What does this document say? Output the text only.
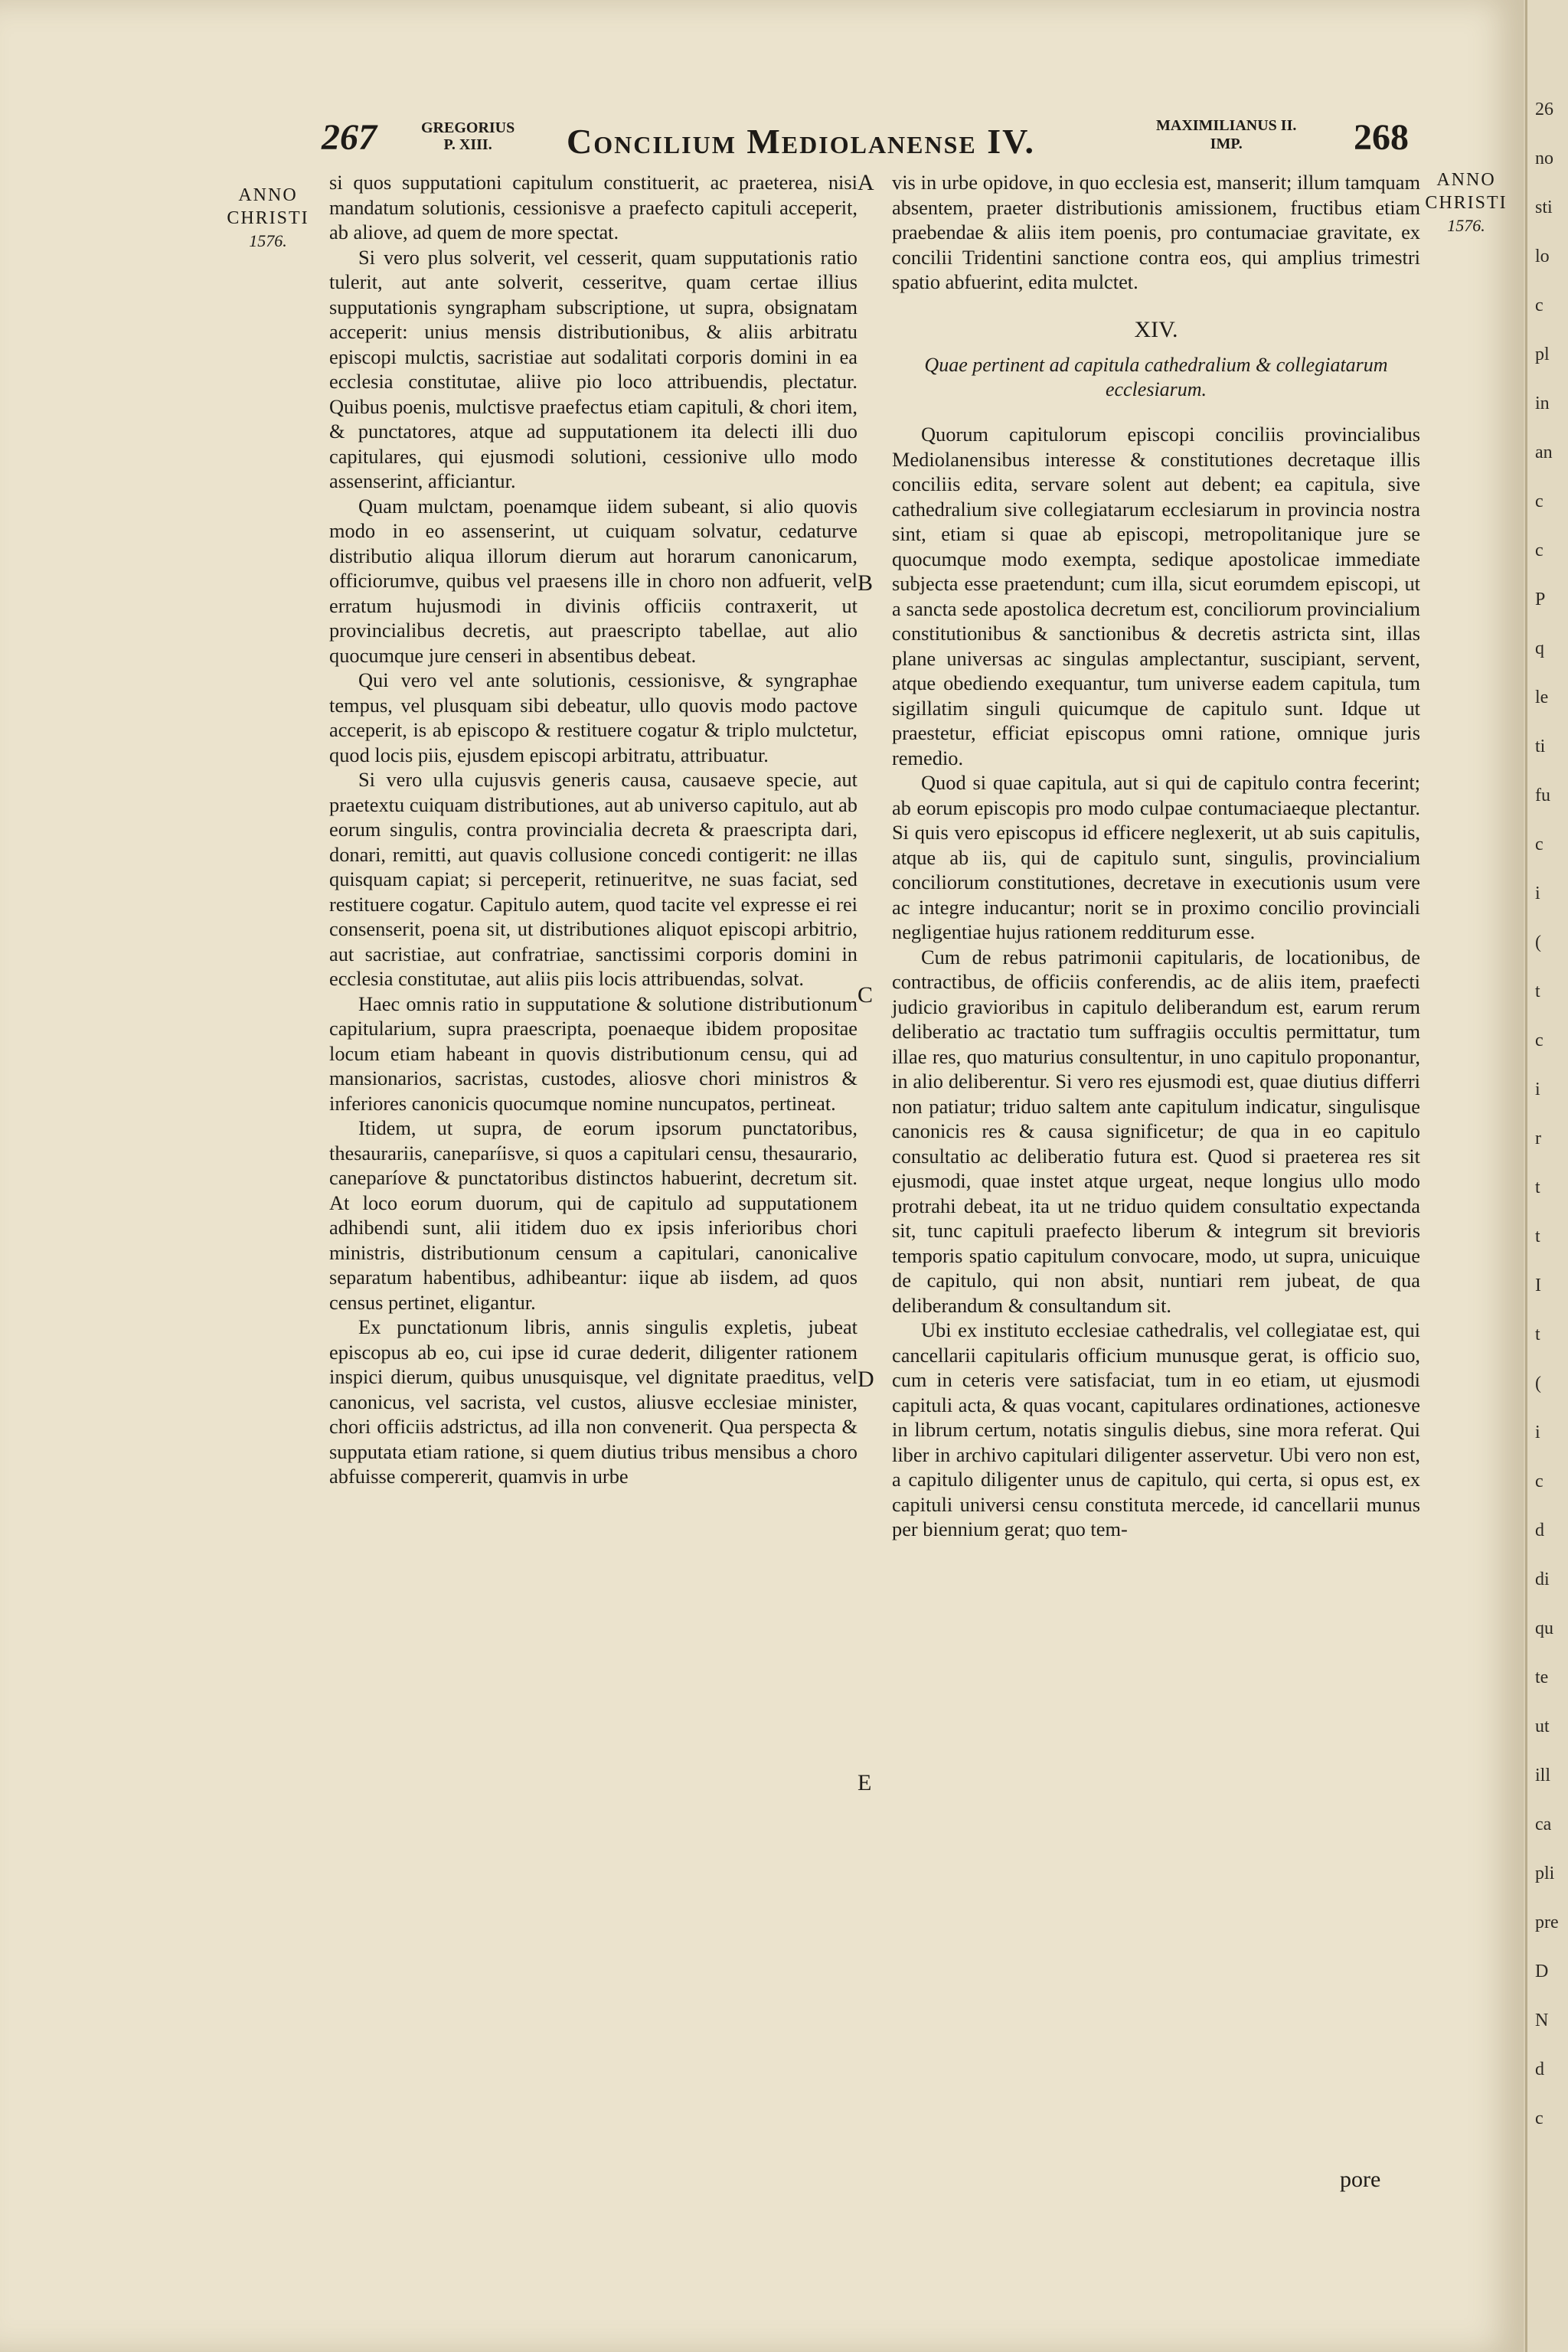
267	GREGORIUS
P. XIII.	Concilium Mediolanense IV.	MAXIMILIANUS II.
IMP.	268
ANNO
CHRISTI
1576.
ANNO
CHRISTI
1576.

si quos supputationi capitulum constituerit, ac praeterea, nisi mandatum solutionis, cessionisve a praefecto capituli acceperit, ab aliove, ad quem de more spectat.

Si vero plus solverit, vel cesserit, quam supputationis ratio tulerit, aut ante solverit, cesseritve, quam certae illius supputationis syngrapham subscriptione, ut supra, obsignatam acceperit: unius mensis distributionibus, & aliis arbitratu episcopi mulctis, sacristiae aut sodalitati corporis domini in ea ecclesia constitutae, aliive pio loco attribuendis, plectatur. Quibus poenis, mulctisve praefectus etiam capituli, & chori item, & punctatores, atque ad supputationem ita delecti illi duo capitulares, qui ejusmodi solutioni, cessionive ullo modo assenserint, afficiantur.

Quam mulctam, poenamque iidem subeant, si alio quovis modo in eo assenserint, ut cuiquam solvatur, cedaturve distributio aliqua illorum dierum aut horarum canonicarum, officiorumve, quibus vel praesens ille in choro non adfuerit, vel erratum hujusmodi in divinis officiis contraxerit, ut provincialibus decretis, aut praescripto tabellae, aut alio quocumque jure censeri in absentibus debeat.

Qui vero vel ante solutionis, cessionisve, & syngraphae tempus, vel plusquam sibi debeatur, ullo quovis modo pactove acceperit, is ab episcopo & restituere cogatur & triplo mulctetur, quod locis piis, ejusdem episcopi arbitratu, attribuatur.

Si vero ulla cujusvis generis causa, causaeve specie, aut praetextu cuiquam distributiones, aut ab universo capitulo, aut ab eorum singulis, contra provincialia decreta & praescripta dari, donari, remitti, aut quavis collusione concedi contigerit: ne illas quisquam capiat; si perceperit, retinueritve, ne suas faciat, sed restituere cogatur. Capitulo autem, quod tacite vel expresse ei rei consenserit, poena sit, ut distributiones aliquot episcopi arbitrio, aut sacristiae, aut confratriae, sanctissimi corporis domini in ecclesia constitutae, aut aliis piis locis attribuendas, solvat.

Haec omnis ratio in supputatione & solutione distributionum capitularium, supra praescripta, poenaeque ibidem propositae locum etiam habeant in quovis distributionum censu, qui ad mansionarios, sacristas, custodes, aliosve chori ministros & inferiores canonicis quocumque nomine nuncupatos, pertineat.

Itidem, ut supra, de eorum ipsorum punctatoribus, thesaurariis, caneparíisve, si quos a capitulari censu, thesaurario, caneparíove & punctatoribus distinctos habuerint, decretum sit. At loco eorum duorum, qui de capitulo ad supputationem adhibendi sunt, alii itidem duo ex ipsis inferioribus chori ministris, distributionum censum a capitulari, canonicalive separatum habentibus, adhibeantur: iique ab iisdem, ad quos census pertinet, eligantur.

Ex punctationum libris, annis singulis expletis, jubeat episcopus ab eo, cui ipse id curae dederit, diligenter rationem inspici dierum, quibus unusquisque, vel dignitate praeditus, vel canonicus, vel sacrista, vel custos, aliusve ecclesiae minister, chori officiis adstrictus, ad illa non convenerit. Qua perspecta & supputata etiam ratione, si quem diutius tribus mensibus a choro abfuisse compererit, quamvis in urbe

A
B
C
D
E

vis in urbe opidove, in quo ecclesia est, manserit; illum tamquam absentem, praeter distributionis amissionem, fructibus etiam praebendae & aliis item poenis, pro contumaciae gravitate, ex concilii Tridentini sanctione contra eos, qui amplius trimestri spatio abfuerint, edita mulctet.

XIV.
Quae pertinent ad capitula cathedralium & collegiatarum ecclesiarum.

Quorum capitulorum episcopi conciliis provincialibus Mediolanensibus interesse & constitutiones decretaque illis conciliis edita, servare solent aut debent; ea capitula, sive cathedralium sive collegiatarum ecclesiarum in provincia nostra sint, etiam si quae ab episcopi, metropolitanique jure se quocumque modo exempta, sedique apostolicae immediate subjecta esse praetendunt; cum illa, sicut eorumdem episcopi, ut a sancta sede apostolica decretum est, conciliorum provincialium constitutionibus & sanctionibus & decretis astricta sint, illas plane universas ac singulas amplectantur, suscipiant, servent, atque obediendo exequantur, tum universe eadem capitula, tum sigillatim singuli quicumque de capitulo sunt. Idque ut praestetur, efficiat episcopus omni ratione, omnique juris remedio.

Quod si quae capitula, aut si qui de capitulo contra fecerint; ab eorum episcopis pro modo culpae contumaciaeque plectantur. Si quis vero episcopus id efficere neglexerit, ut ab suis capitulis, atque ab iis, qui de capitulo sunt, singulis, provincialium conciliorum constitutiones, decretave in executionis usum vere ac integre inducantur; norit se in proximo concilio provinciali negligentiae hujus rationem redditurum esse.

Cum de rebus patrimonii capitularis, de locationibus, de contractibus, de officiis conferendis, ac de aliis item, praefecti judicio gravioribus in capitulo deliberandum est, earum rerum deliberatio ac tractatio tum suffragiis occultis permittatur, tum illae res, quo maturius consultentur, in uno capitulo proponantur, in alio deliberentur. Si vero res ejusmodi est, quae diutius differri non patiatur; triduo saltem ante capitulum indicatur, singulisque canonicis res & causa significetur; de qua in eo capitulo consultatio ac deliberatio futura est. Quod si praeterea res sit ejusmodi, quae instet atque urgeat, neque longius ullo modo protrahi debeat, ita ut ne triduo quidem consultatio expectanda sit, tunc capituli praefecto liberum & integrum sit brevioris temporis spatio capitulum convocare, modo, ut supra, unicuique de capitulo, qui non absit, nuntiari rem jubeat, de qua deliberandum & consultandum sit.

Ubi ex instituto ecclesiae cathedralis, vel collegiatae est, qui cancellarii capitularis officium munusque gerat, is officio suo, cum in ceteris vere satisfaciat, tum in eo etiam, ut ejusmodi capituli acta, & quas vocant, capitulares ordinationes, actionesve in librum certum, notatis singulis diebus, sine mora referat. Qui liber in archivo capitulari diligenter asservetur. Ubi vero non est, a capitulo diligenter unus de capitulo, qui certa, si opus est, ex capituli universi censu constituta mercede, id cancellarii munus per biennium gerat; quo tem-

pore
26
no
sti
lo
c
pl
in
an
c
c
P
q
le
ti
fu
c
i
(
t
c
i
r
t
t
I
t
(
i
c
d
di
qu
te
ut
ill
ca
pli
pre
D
N
d
c
